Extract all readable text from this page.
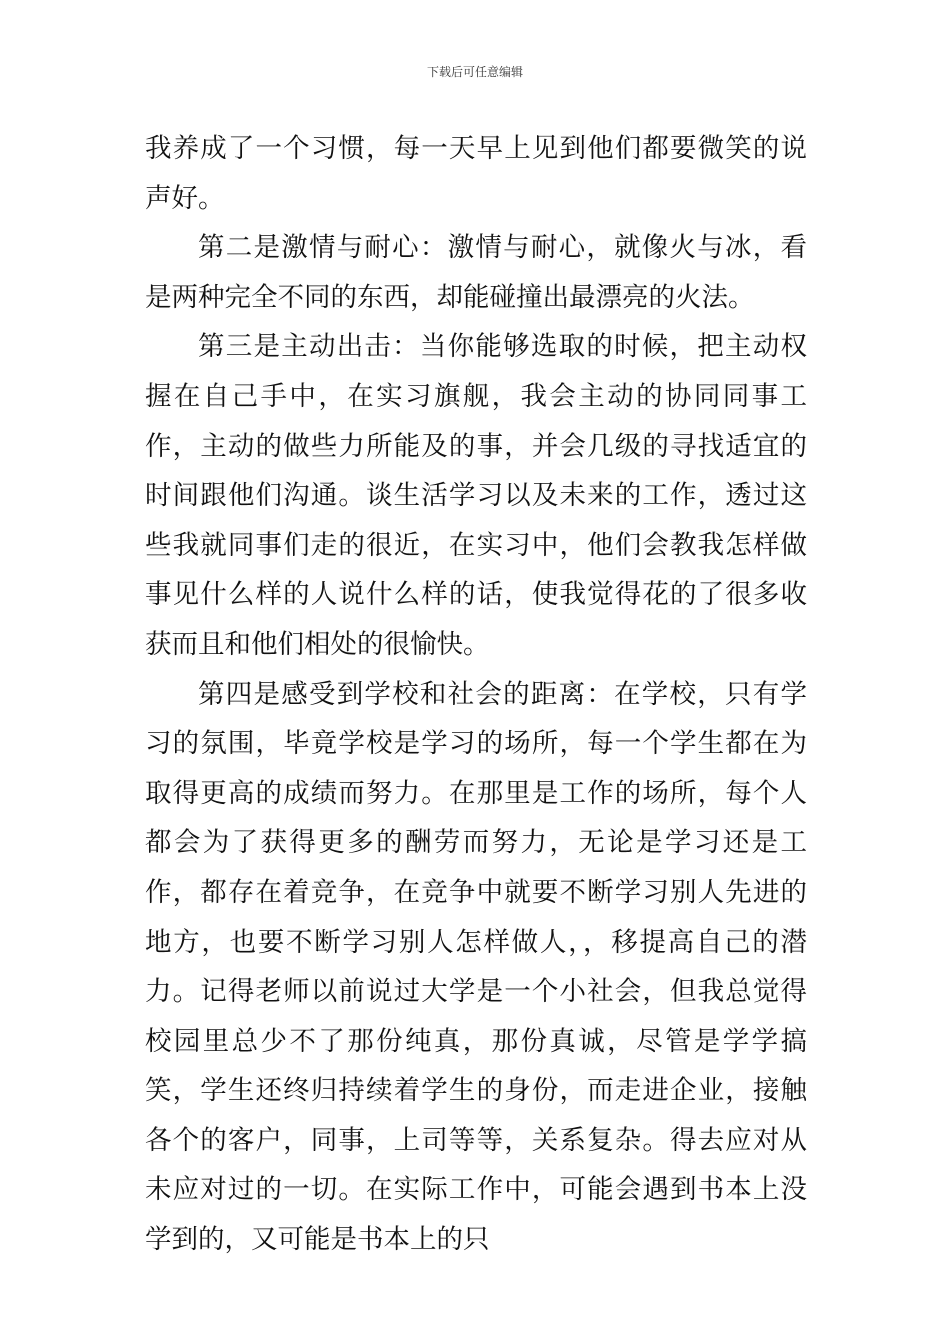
下载后可任意编辑

我养成了一个习惯，每一天早上见到他们都要微笑的说声好。

第二是激情与耐心：激情与耐心，就像火与冰，看是两种完全不同的东西，却能碰撞出最漂亮的火法。

第三是主动出击：当你能够选取的时候，把主动权握在自己手中，在实习旗舰，我会主动的协同同事工作，主动的做些力所能及的事，并会几级的寻找适宜的时间跟他们沟通。谈生活学习以及未来的工作，透过这些我就同事们走的很近，在实习中，他们会教我怎样做事见什么样的人说什么样的话，使我觉得花的了很多收获而且和他们相处的很愉快。

第四是感受到学校和社会的距离：在学校，只有学习的氛围，毕竟学校是学习的场所，每一个学生都在为取得更高的成绩而努力。在那里是工作的场所，每个人都会为了获得更多的酬劳而努力，无论是学习还是工作，都存在着竞争，在竞争中就要不断学习别人先进的地方，也要不断学习别人怎样做人，，移提高自己的潜力。记得老师以前说过大学是一个小社会，但我总觉得校园里总少不了那份纯真，那份真诚，尽管是学学搞笑，学生还终归持续着学生的身份，而走进企业，接触各个的客户，同事，上司等等，关系复杂。得去应对从未应对过的一切。在实际工作中，可能会遇到书本上没学到的，又可能是书本上的只
